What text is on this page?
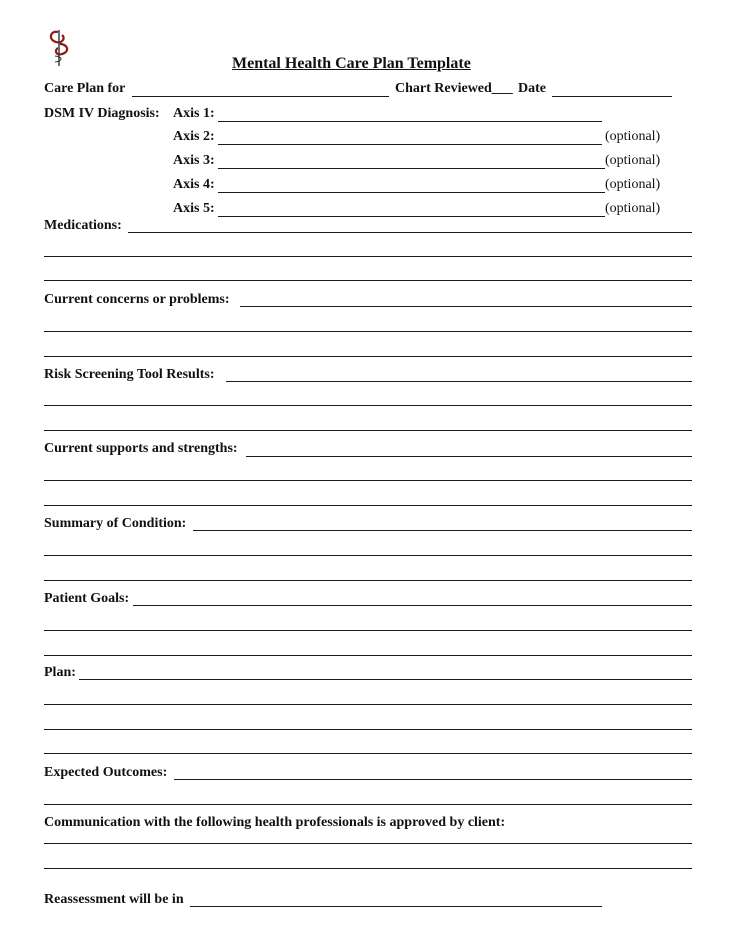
Mental Health Care Plan Template
Care Plan for	Chart Reviewed___ Date
DSM IV Diagnosis: Axis 1:
Axis 2:	(optional)
Axis 3:	(optional)
Axis 4:	(optional)
Axis 5:	(optional)
Medications:
Current concerns or problems:
Risk Screening Tool Results:
Current supports and strengths:
Summary of Condition:
Patient Goals:
Plan:
Expected Outcomes:
Communication with the following health professionals is approved by client:
Reassessment will be in
